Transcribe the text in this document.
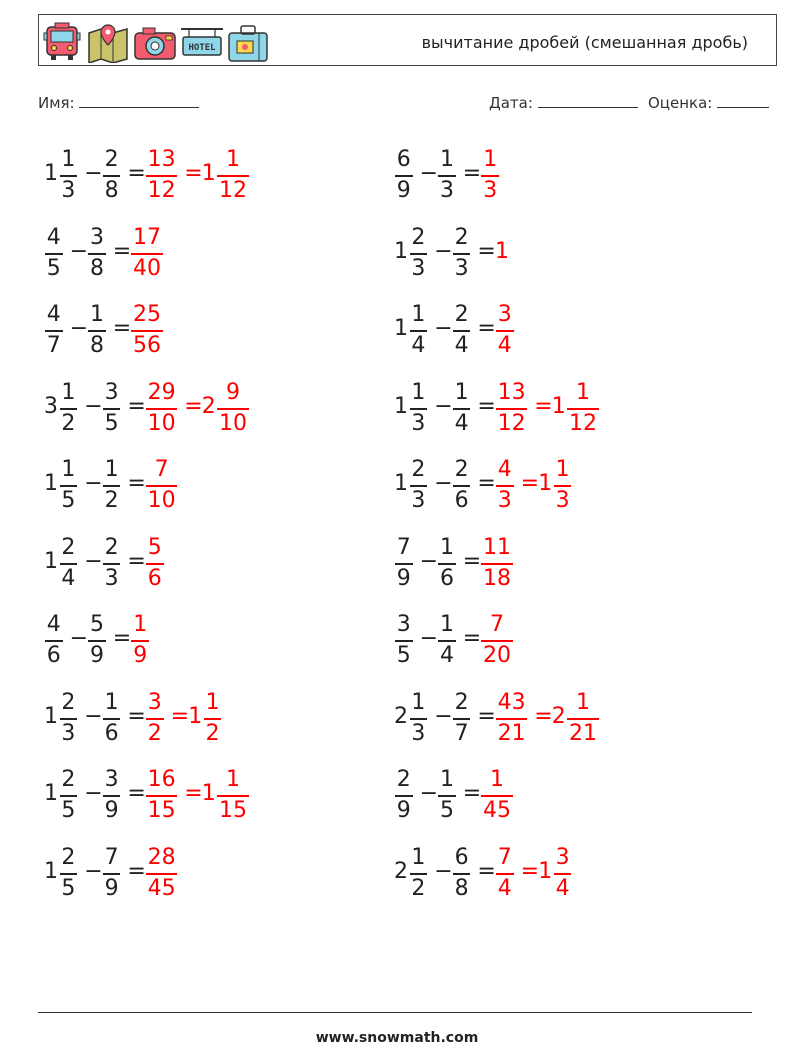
HOTEL	вычитание дробей (смешанная дробь)
Имя:	Дата:	Оценка:
1
1
3
−
2
8
=
13
12
= 1
1
12
6
9
−
1
3
=
1
3
4
5
−
3
8
=
17
40
1
2
3
−
2
3
= 1
4
7
−
1
8
=
25
56
1
1
4
−
2
4
=
3
4
3
1
2
−
3
5
=
29
10
= 2
9
10
1
1
3
−
1
4
=
13
12
= 1
1
12
1
1
5
−
1
2
=
7
10
1
2
3
−
2
6
=
4
3
= 1
1
3
1
2
4
−
2
3
=
5
6
7
9
−
1
6
=
11
18
4
6
−
5
9
=
1
9
3
5
−
1
4
=
7
20
1
2
3
−
1
6
=
3
2
= 1
1
2
2
1
3
−
2
7
=
43
21
= 2
1
21
1
2
5
−
3
9
=
16
15
= 1
1
15
2
9
−
1
5
=
1
45
1
2
5
−
7
9
=
28
45
2
1
2
−
6
8
=
7
4
= 1
3
4
www.snowmath.com
